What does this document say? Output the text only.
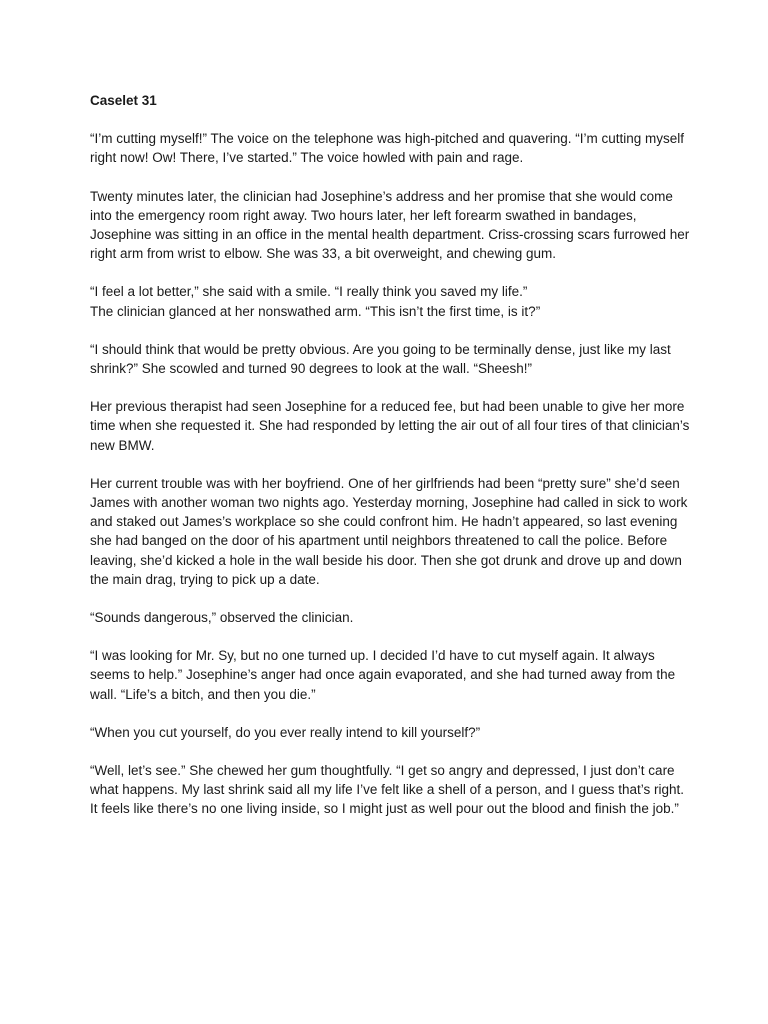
Caselet 31

“I’m cutting myself!” The voice on the telephone was high-pitched and quavering. “I’m cutting myself right now! Ow! There, I’ve started.” The voice howled with pain and rage.

Twenty minutes later, the clinician had Josephine’s address and her promise that she would come into the emergency room right away. Two hours later, her left forearm swathed in bandages, Josephine was sitting in an office in the mental health department. Criss-crossing scars furrowed her right arm from wrist to elbow. She was 33, a bit overweight, and chewing gum.

“I feel a lot better,” she said with a smile. “I really think you saved my life.”

The clinician glanced at her nonswathed arm. “This isn’t the first time, is it?”

“I should think that would be pretty obvious. Are you going to be terminally dense, just like my last shrink?” She scowled and turned 90 degrees to look at the wall. “Sheesh!”

Her previous therapist had seen Josephine for a reduced fee, but had been unable to give her more time when she requested it. She had responded by letting the air out of all four tires of that clinician’s new BMW.

Her current trouble was with her boyfriend. One of her girlfriends had been “pretty sure” she’d seen James with another woman two nights ago. Yesterday morning, Josephine had called in sick to work and staked out James’s workplace so she could confront him. He hadn’t appeared, so last evening she had banged on the door of his apartment until neighbors threatened to call the police. Before leaving, she’d kicked a hole in the wall beside his door. Then she got drunk and drove up and down the main drag, trying to pick up a date.

“Sounds dangerous,” observed the clinician.

“I was looking for Mr. Sy, but no one turned up. I decided I’d have to cut myself again. It always seems to help.” Josephine’s anger had once again evaporated, and she had turned away from the wall. “Life’s a bitch, and then you die.”

“When you cut yourself, do you ever really intend to kill yourself?”

“Well, let’s see.” She chewed her gum thoughtfully. “I get so angry and depressed, I just don’t care what happens. My last shrink said all my life I’ve felt like a shell of a person, and I guess that’s right. It feels like there’s no one living inside, so I might just as well pour out the blood and finish the job.”
